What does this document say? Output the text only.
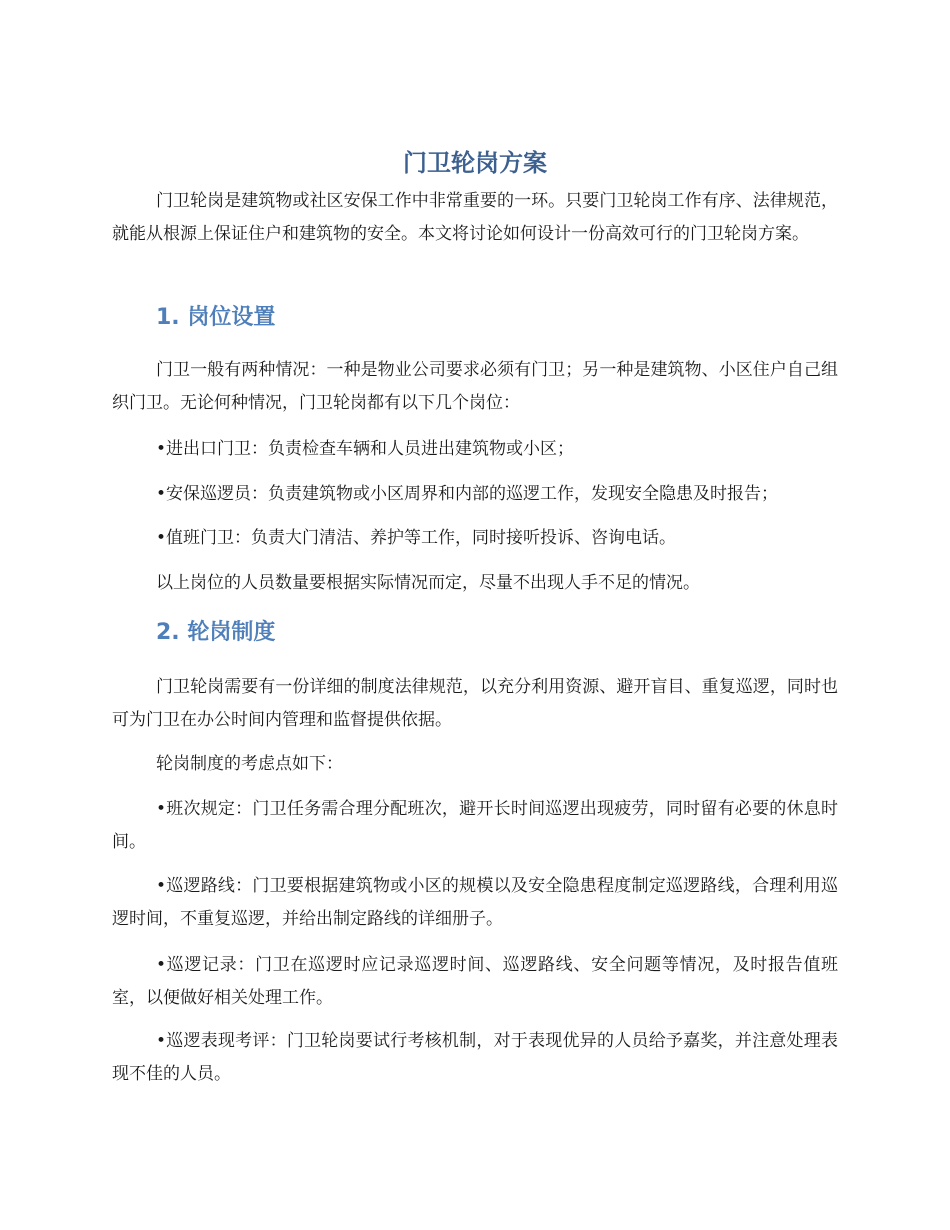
门卫轮岗方案

门卫轮岗是建筑物或社区安保工作中非常重要的一环。只要门卫轮岗工作有序、法律规范，就能从根源上保证住户和建筑物的安全。本文将讨论如何设计一份高效可行的门卫轮岗方案。

1. 岗位设置

门卫一般有两种情况：一种是物业公司要求必须有门卫；另一种是建筑物、小区住户自己组织门卫。无论何种情况，门卫轮岗都有以下几个岗位：

•进出口门卫：负责检查车辆和人员进出建筑物或小区；

•安保巡逻员：负责建筑物或小区周界和内部的巡逻工作，发现安全隐患及时报告；

•值班门卫：负责大门清洁、养护等工作，同时接听投诉、咨询电话。

以上岗位的人员数量要根据实际情况而定，尽量不出现人手不足的情况。

2. 轮岗制度

门卫轮岗需要有一份详细的制度法律规范，以充分利用资源、避开盲目、重复巡逻，同时也可为门卫在办公时间内管理和监督提供依据。

轮岗制度的考虑点如下：

•班次规定：门卫任务需合理分配班次，避开长时间巡逻出现疲劳，同时留有必要的休息时间。

•巡逻路线：门卫要根据建筑物或小区的规模以及安全隐患程度制定巡逻路线，合理利用巡逻时间，不重复巡逻，并给出制定路线的详细册子。

•巡逻记录：门卫在巡逻时应记录巡逻时间、巡逻路线、安全问题等情况，及时报告值班室，以便做好相关处理工作。

•巡逻表现考评：门卫轮岗要试行考核机制，对于表现优异的人员给予嘉奖，并注意处理表现不佳的人员。
